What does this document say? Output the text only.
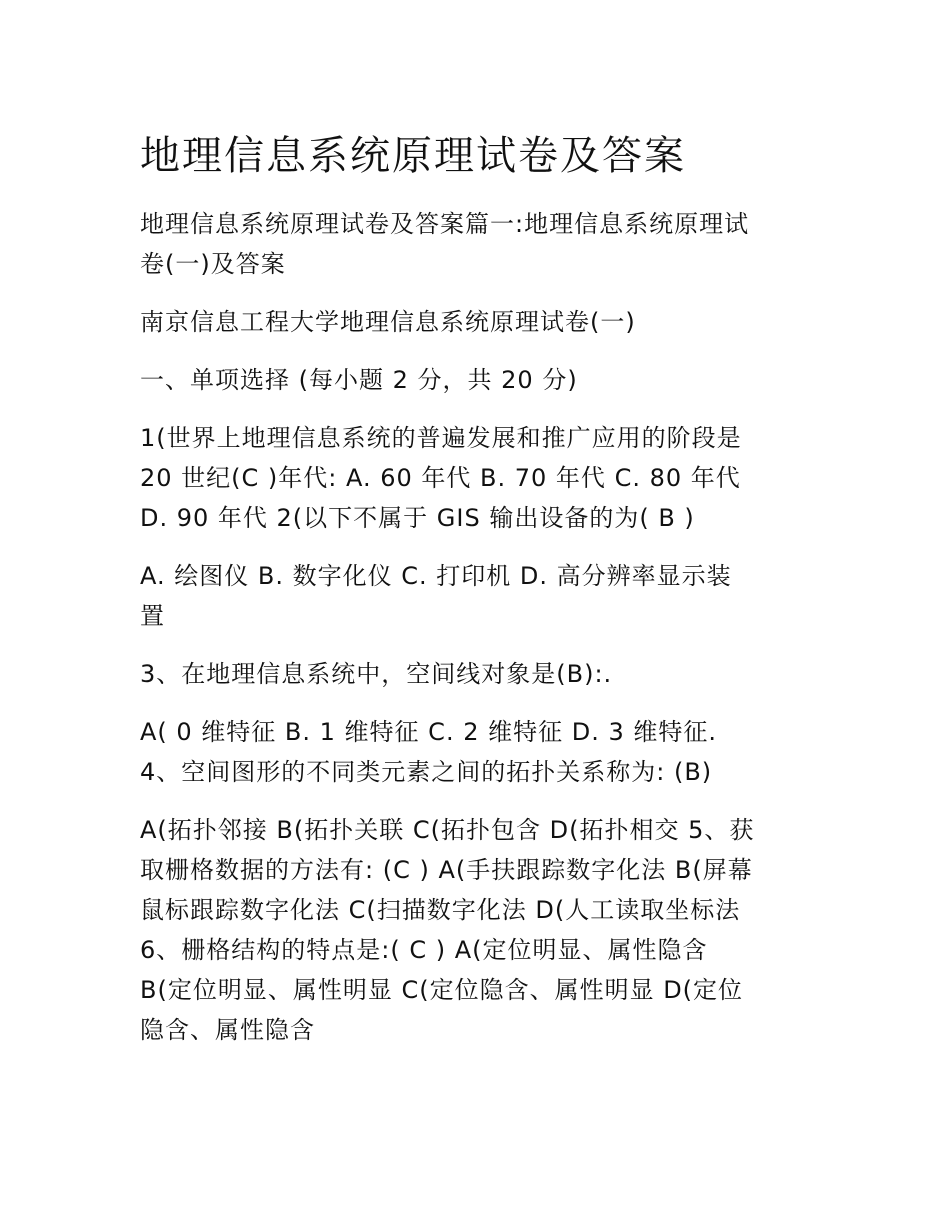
地理信息系统原理试卷及答案

地理信息系统原理试卷及答案篇一:地理信息系统原理试
卷(一)及答案

南京信息工程大学地理信息系统原理试卷(一)

一、单项选择 (每小题 2 分，共 20 分)

1(世界上地理信息系统的普遍发展和推广应用的阶段是
20 世纪(C )年代: A. 60 年代 B. 70 年代 C. 80 年代
D. 90 年代 2(以下不属于 GIS 输出设备的为( B )

A. 绘图仪 B. 数字化仪 C. 打印机 D. 高分辨率显示装
置

3、在地理信息系统中，空间线对象是(B):.

A( 0 维特征 B. 1 维特征 C. 2 维特征 D. 3 维特征.
4、空间图形的不同类元素之间的拓扑关系称为: (B)

A(拓扑邻接 B(拓扑关联 C(拓扑包含 D(拓扑相交 5、获
取栅格数据的方法有: (C ) A(手扶跟踪数字化法 B(屏幕
鼠标跟踪数字化法 C(扫描数字化法 D(人工读取坐标法
6、栅格结构的特点是:( C ) A(定位明显、属性隐含
B(定位明显、属性明显 C(定位隐含、属性明显 D(定位
隐含、属性隐含
